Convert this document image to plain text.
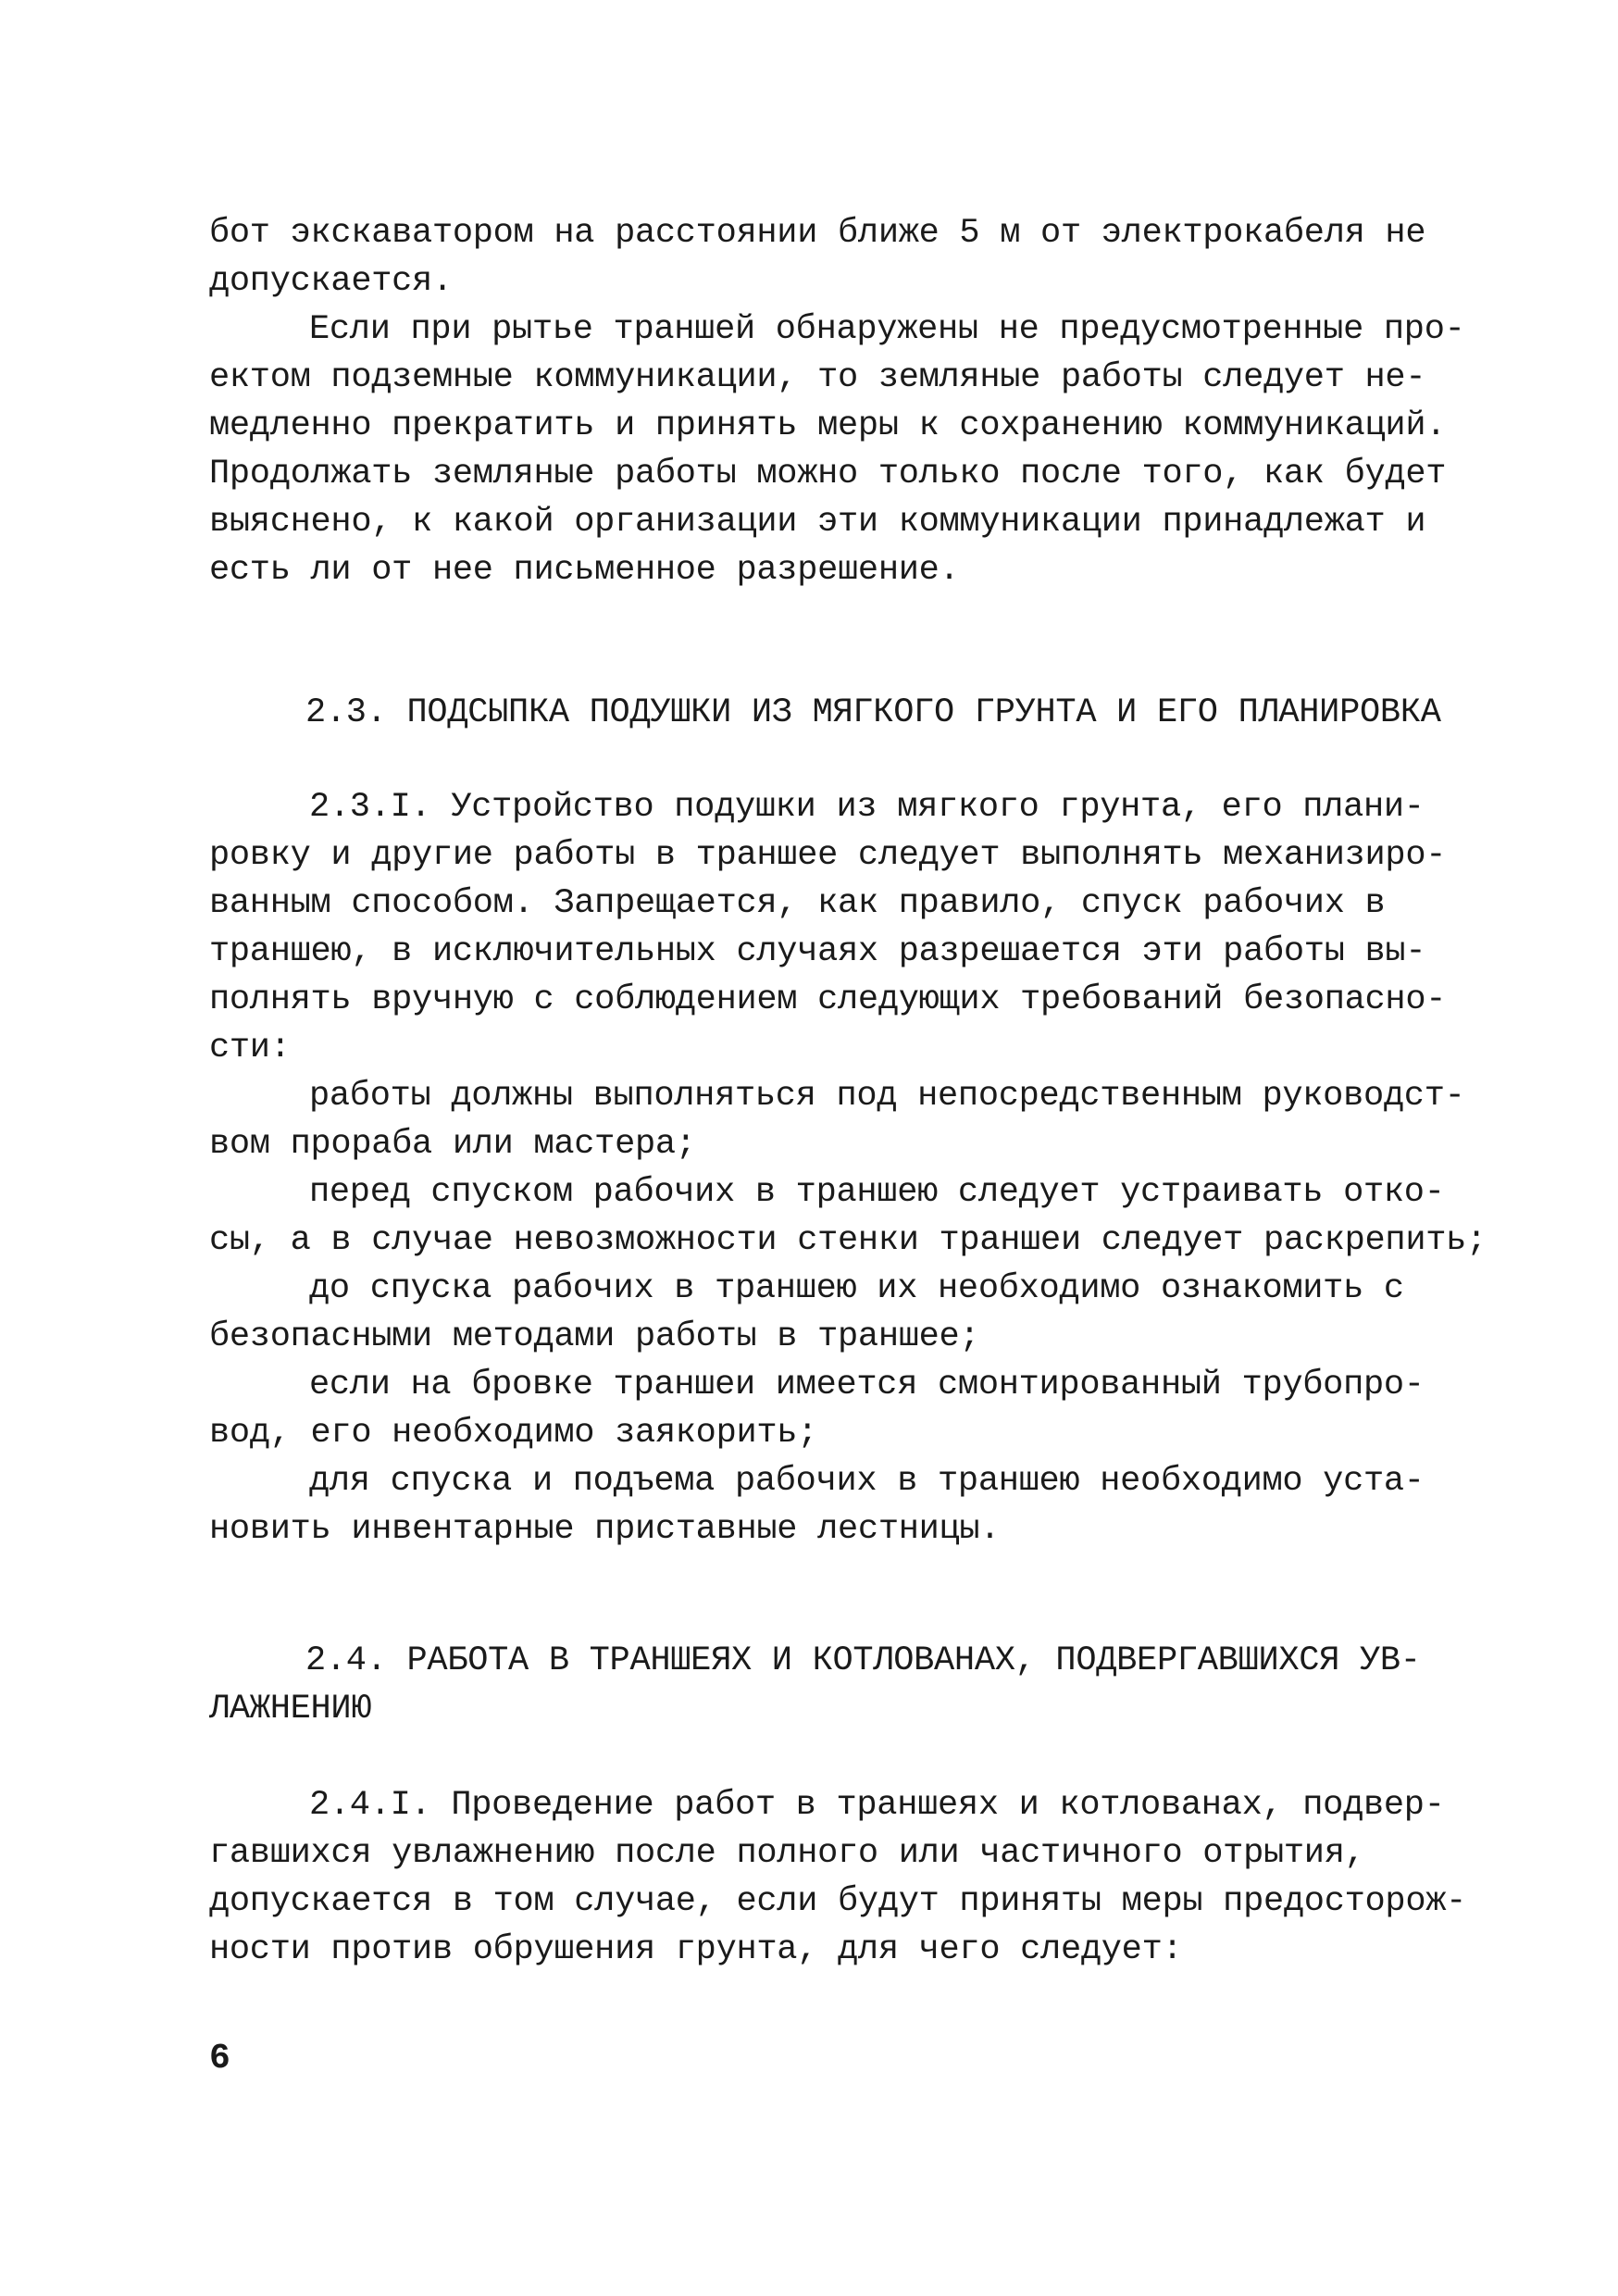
бот экскаватором на расстоянии ближе 5 м от электрокабеля не
допускается.
Если при рытье траншей обнаружены не предусмотренные про-
ектом подземные коммуникации, то земляные работы следует не-
медленно прекратить и принять меры к сохранению коммуникаций.
Продолжать земляные работы можно только после того, как будет
выяснено, к какой организации эти коммуникации принадлежат и
есть ли от нее письменное разрешение.
2.3. ПОДСЫПКА ПОДУШКИ ИЗ МЯГКОГО ГРУНТА И ЕГО ПЛАНИРОВКА
2.3.I. Устройство подушки из мягкого грунта, его плани-
ровку и другие работы в траншее следует выполнять механизиро-
ванным способом. Запрещается, как правило, спуск рабочих в
траншею, в исключительных случаях разрешается эти работы вы-
полнять вручную с соблюдением следующих требований безопасно-
сти:
работы должны выполняться под непосредственным руководст-
вом прораба или мастера;
перед спуском рабочих в траншею следует устраивать отко-
сы, а в случае невозможности стенки траншеи следует раскрепить;
до спуска рабочих в траншею их необходимо ознакомить с
безопасными методами работы в траншее;
если на бровке траншеи имеется смонтированный трубопро-
вод, его необходимо заякорить;
для спуска и подъема рабочих в траншею необходимо уста-
новить инвентарные приставные лестницы.
2.4. РАБОТА В ТРАНШЕЯХ И КОТЛОВАНАХ, ПОДВЕРГАВШИХСЯ УВ-
ЛАЖНЕНИЮ
2.4.I. Проведение работ в траншеях и котлованах, подвер-
гавшихся увлажнению после полного или частичного отрытия,
допускается в том случае, если будут приняты меры предосторож-
ности против обрушения грунта, для чего следует:
6
